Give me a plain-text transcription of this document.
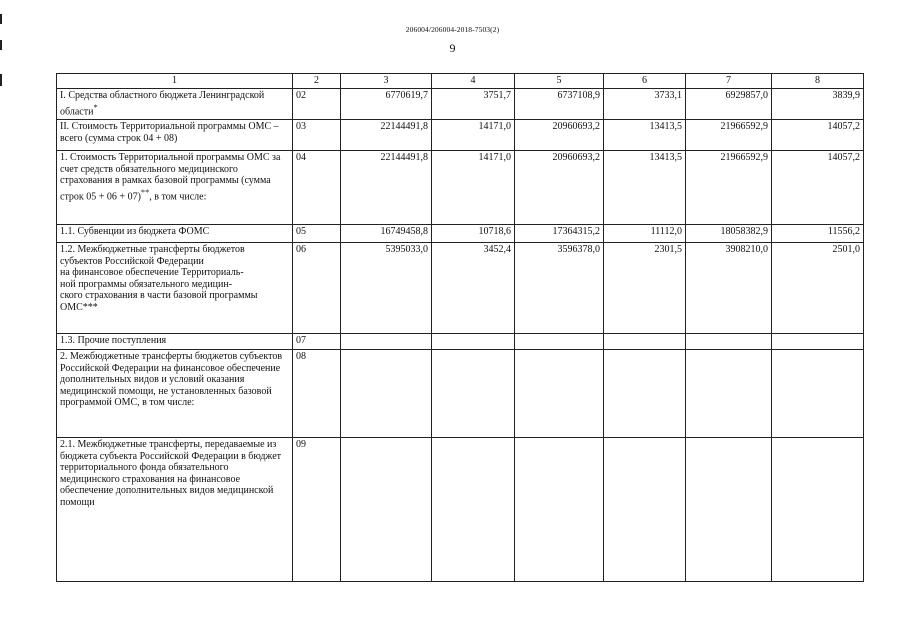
206004/206004-2018-7503(2)
9
1	2	3	4	5	6	7	8
I. Средства областного бюджета Ленинградской области*	02	6770619,7	3751,7	6737108,9	3733,1	6929857,0	3839,9
II. Стоимость Территориальной программы ОМС – всего (сумма строк 04 + 08)	03	22144491,8	14171,0	20960693,2	13413,5	21966592,9	14057,2
1. Стоимость Территориальной программы ОМС за счет средств обязательного медицинского страхования в рамках базовой программы (сумма строк 05 + 06 + 07)**, в том числе:	04	22144491,8	14171,0	20960693,2	13413,5	21966592,9	14057,2
1.1. Субвенции из бюджета ФОМС	05	16749458,8	10718,6	17364315,2	11112,0	18058382,9	11556,2
1.2. Межбюджетные трансферты бюджетов субъектов Российской Федерации
на финансовое обеспечение Территориаль-
ной программы обязательного медицин-
ского страхования в части базовой программы ОМС***	06	5395033,0	3452,4	3596378,0	2301,5	3908210,0	2501,0
1.3. Прочие поступления	07						
2. Межбюджетные трансферты бюджетов субъектов Российской Федерации на финансовое обеспечение дополнительных видов и условий оказания медицинской помощи, не установленных базовой программой ОМС, в том числе:	08						
2.1. Межбюджетные трансферты, передаваемые из бюджета субъекта Российской Федерации в бюджет территориального фонда обязательного медицинского страхования на финансовое обеспечение дополнительных видов медицинской помощи	09						
